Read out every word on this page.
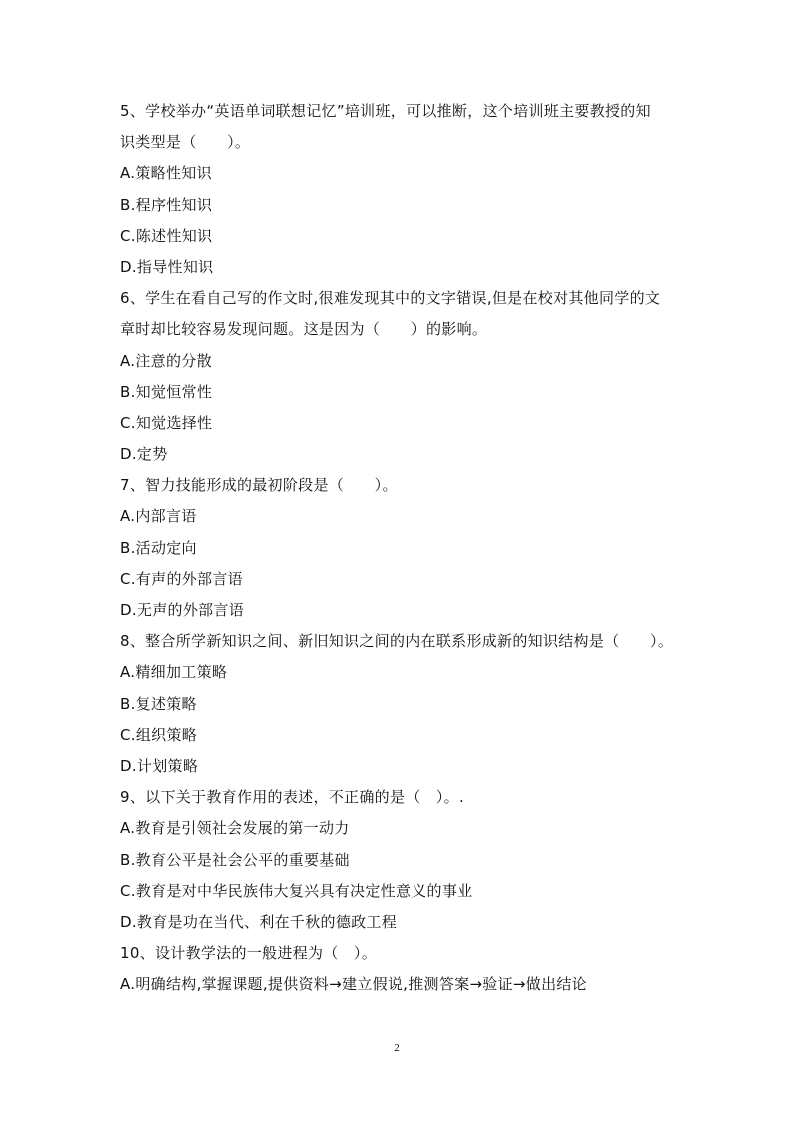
5、学校举办“英语单词联想记忆”培训班，可以推断，这个培训班主要教授的知
识类型是（　　）。
A.策略性知识
B.程序性知识
C.陈述性知识
D.指导性知识
6、学生在看自己写的作文时,很难发现其中的文字错误,但是在校对其他同学的文
章时却比较容易发现问题。这是因为（　　）的影响。
A.注意的分散
B.知觉恒常性
C.知觉选择性
D.定势
7、智力技能形成的最初阶段是（　　）。
A.内部言语
B.活动定向
C.有声的外部言语
D.无声的外部言语
8、整合所学新知识之间、新旧知识之间的内在联系形成新的知识结构是（　　）。
A.精细加工策略
B.复述策略
C.组织策略
D.计划策略
9、以下关于教育作用的表述，不正确的是（　）。.
A.教育是引领社会发展的第一动力
B.教育公平是社会公平的重要基础
C.教育是对中华民族伟大复兴具有决定性意义的事业
D.教育是功在当代、利在千秋的德政工程
10、设计教学法的一般进程为（　）。
A.明确结构,掌握课题,提供资料→建立假说,推测答案→验证→做出结论
2
